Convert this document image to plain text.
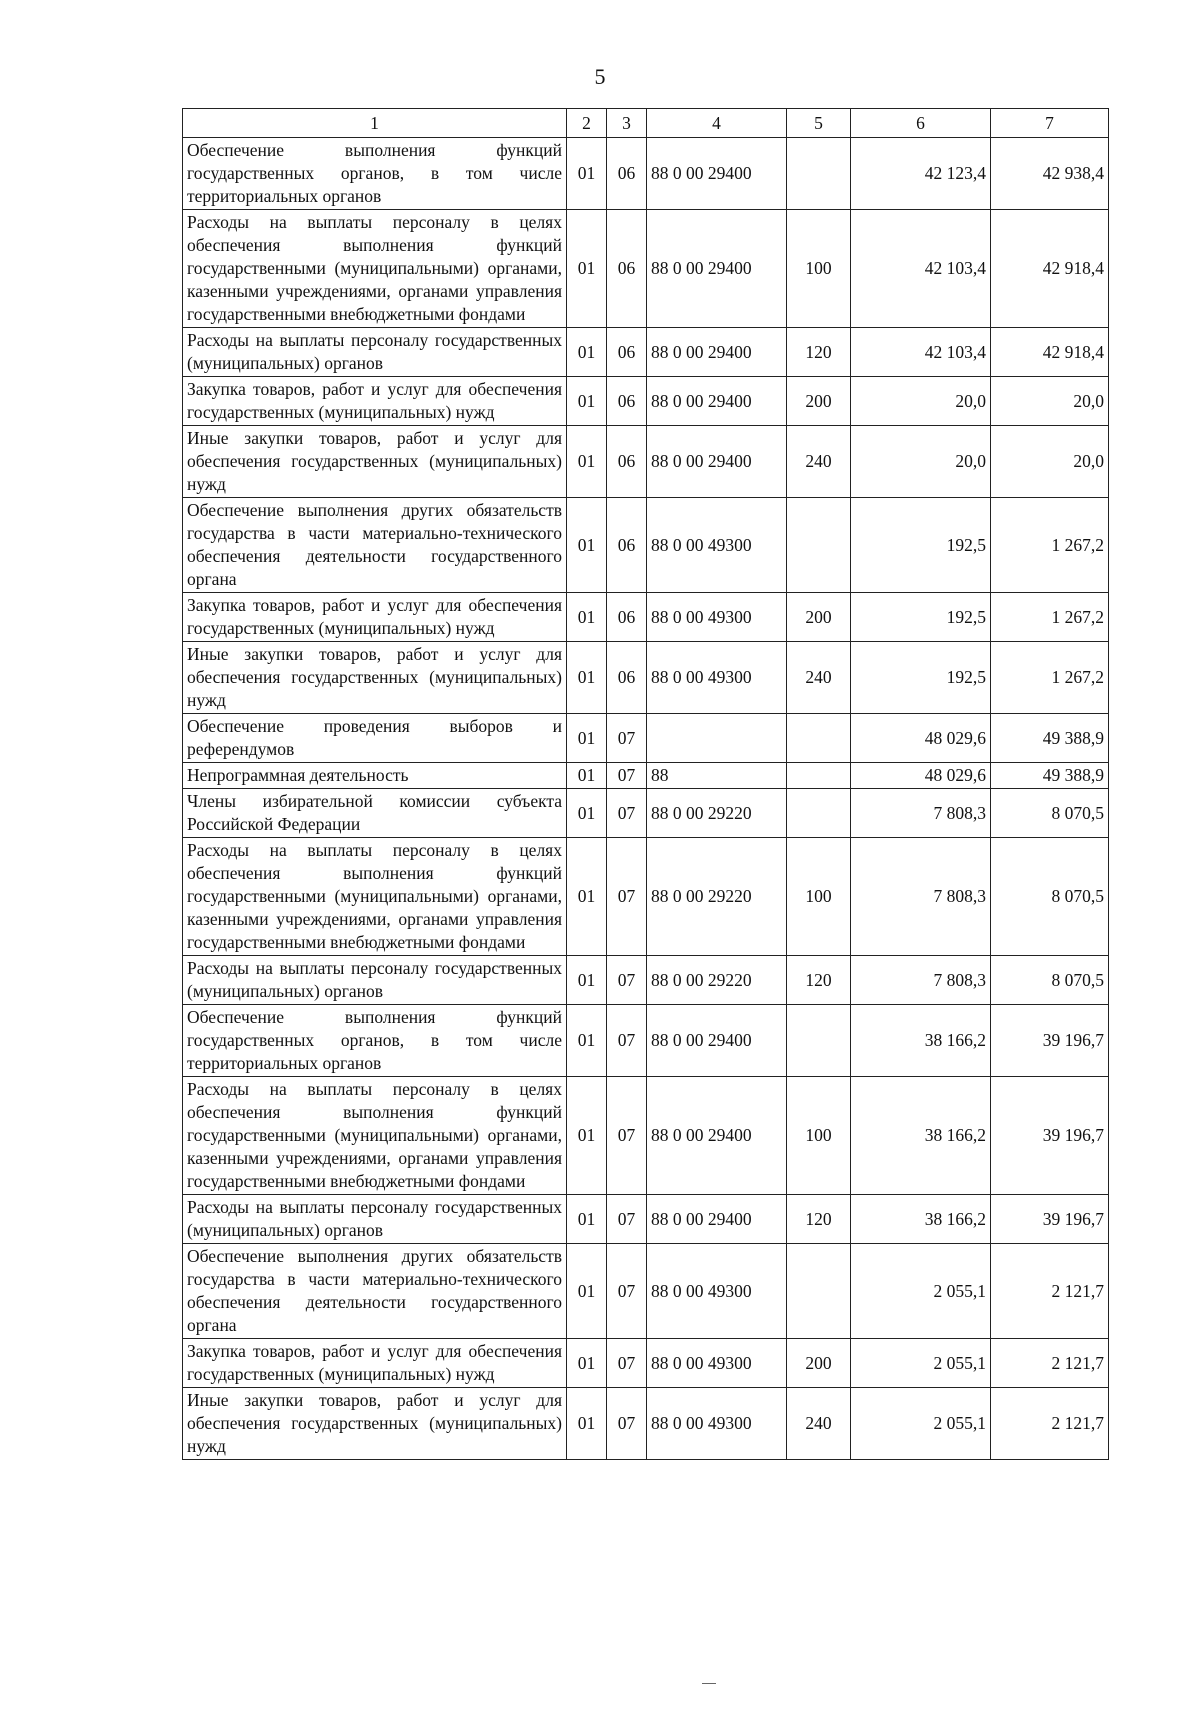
5
1	2	3	4	5	6	7
Обеспечение выполнения функций государственных органов, в том числе территориальных органов	01	06	88 0 00 29400		42 123,4	42 938,4
Расходы на выплаты персоналу в целях обеспечения выполнения функций государственными (муниципальными) органами, казенными учреждениями, органами управления государственными внебюджетными фондами	01	06	88 0 00 29400	100	42 103,4	42 918,4
Расходы на выплаты персоналу государственных (муниципальных) органов	01	06	88 0 00 29400	120	42 103,4	42 918,4
Закупка товаров, работ и услуг для обеспечения государственных (муниципальных) нужд	01	06	88 0 00 29400	200	20,0	20,0
Иные закупки товаров, работ и услуг для обеспечения государственных (муниципальных) нужд	01	06	88 0 00 29400	240	20,0	20,0
Обеспечение выполнения других обязательств государства в части материально-технического обеспечения деятельности государственного органа	01	06	88 0 00 49300		192,5	1 267,2
Закупка товаров, работ и услуг для обеспечения государственных (муниципальных) нужд	01	06	88 0 00 49300	200	192,5	1 267,2
Иные закупки товаров, работ и услуг для обеспечения государственных (муниципальных) нужд	01	06	88 0 00 49300	240	192,5	1 267,2
Обеспечение проведения выборов и референдумов	01	07			48 029,6	49 388,9
Непрограммная деятельность	01	07	88		48 029,6	49 388,9
Члены избирательной комиссии субъекта Российской Федерации	01	07	88 0 00 29220		7 808,3	8 070,5
Расходы на выплаты персоналу в целях обеспечения выполнения функций государственными (муниципальными) органами, казенными учреждениями, органами управления государственными внебюджетными фондами	01	07	88 0 00 29220	100	7 808,3	8 070,5
Расходы на выплаты персоналу государственных (муниципальных) органов	01	07	88 0 00 29220	120	7 808,3	8 070,5
Обеспечение выполнения функций государственных органов, в том числе территориальных органов	01	07	88 0 00 29400		38 166,2	39 196,7
Расходы на выплаты персоналу в целях обеспечения выполнения функций государственными (муниципальными) органами, казенными учреждениями, органами управления государственными внебюджетными фондами	01	07	88 0 00 29400	100	38 166,2	39 196,7
Расходы на выплаты персоналу государственных (муниципальных) органов	01	07	88 0 00 29400	120	38 166,2	39 196,7
Обеспечение выполнения других обязательств государства в части материально-технического обеспечения деятельности государственного органа	01	07	88 0 00 49300		2 055,1	2 121,7
Закупка товаров, работ и услуг для обеспечения государственных (муниципальных) нужд	01	07	88 0 00 49300	200	2 055,1	2 121,7
Иные закупки товаров, работ и услуг для обеспечения государственных (муниципальных) нужд	01	07	88 0 00 49300	240	2 055,1	2 121,7
